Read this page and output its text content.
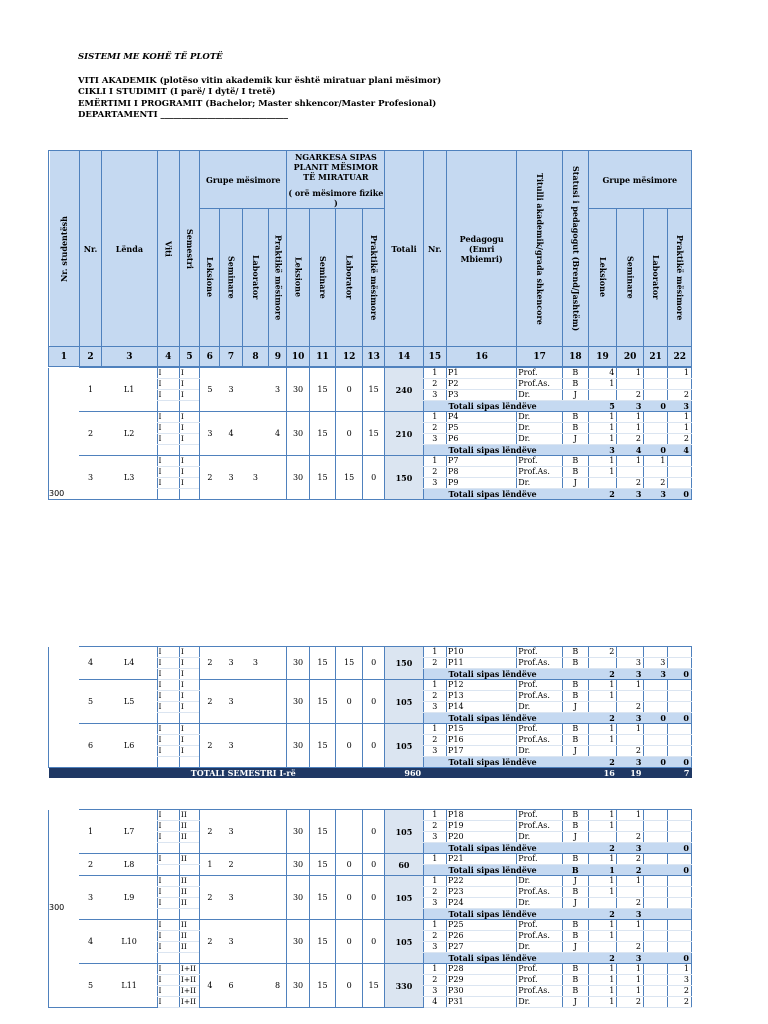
SISTEMI ME KOHË TË PLOTË
VITI AKADEMIK (plotëso vitin akademik kur është miratuar plani mësimor)
CIKLI I STUDIMIT (I parë/ I dytë/ I tretë)
EMËRTIMI I PROGRAMIT (Bachelor; Master shkencor/Master Profesional)
DEPARTAMENTI ______________________________
Nr. studentësh	Nr.	Lënda	Viti	Semestri	Grupe mësimore				NGARKESA SIPAS PLANIT MËSIMOR TË MIRATUAR
( orë mësimore fizike )				Totali	Nr.	Pedagogu (Emri Mbiemri)	Titulli akademik/grada shkencore	Statusi i pedagogut (Brend/Jashtëm)	Grupe mësimore			
					Leksione	Seminare	Laborator	Praktikë mësimore	Leksione	Seminare	Laborator	Praktikë mësimore						Leksione	Seminare	Laborator	Praktikë mësimore
1	2	3	4	5	6	7	8	9	10	11	12	13	14	15	16	17	18	19	20	21	22
300	1	L1	I	I	5	3		3	30	15	0	15	240	1	P1	Prof.	B	4	1		1
			I	I										2	P2	Prof.As.	B	1			
			I	I										3	P3	Dr.	J		2		2
															Totali sipas lëndëve			5	3	0	3
	2	L2	I	I	3	4		4	30	15	0	15	210	1	P4	Dr.	B	1	1		1
			I	I										2	P5	Dr.	B	1	1		1
			I	I										3	P6	Dr.	J	1	2		2
															Totali sipas lëndëve			3	4	0	4
	3	L3	I	I	2	3	3		30	15	15	0	150	1	P7	Prof.	B	1	1	1	
			I	I										2	P8	Prof.As.	B	1			
			I	I										3	P9	Dr.	J		2	2	
															Totali sipas lëndëve			2	3	3	0
	4	L4	I	I	2	3	3		30	15	15	0	150	1	P10	Prof.	B	2			
			I	I										2	P11	Prof.As.	B		3	3	
			I	I											Totali sipas lëndëve			2	3	3	0
	5	L5	I	I	2	3			30	15	0	0	105	1	P12	Prof.	B	1	1		
			I	I										2	P13	Prof.As.	B	1			
			I	I										3	P14	Dr.	J		2		
															Totali sipas lëndëve			2	3	0	0
	6	L6	I	I	2	3			30	15	0	0	105	1	P15	Prof.	B	1	1		
			I	I										2	P16	Prof.As.	B	1			
			I	I										3	P17	Dr.	J		2		
															Totali sipas lëndëve			2	3	0	0
		TOTALI SEMESTRI I-rë											960					16	19		7
300	1	L7	I	II	2	3			30	15		0	105	1	P18	Prof.	B	1	1		
			I	II										2	P19	Prof.As.	B	1			
			I	II										3	P20	Dr.	J		2		
															Totali sipas lëndëve			2	3		0
	2	L8	I	II	1	2			30	15	0	0	60	1	P21	Prof.	B	1	2		
															Totali sipas lëndëve		B	1	2		0
	3	L9	I	II	2	3			30	15	0	0	105	1	P22	Dr.	J	1	1		
			I	II										2	P23	Prof.As.	B	1			
			I	II										3	P24	Dr.	J		2		
															Totali sipas lëndëve			2	3		
	4	L10	I	II	2	3			30	15	0	0	105	1	P25	Prof.	B	1	1		
			I	II										2	P26	Prof.As.	B	1			
			I	II										3	P27	Dr.	J		2		
															Totali sipas lëndëve			2	3		0
	5	L11	I	I+II	4	6		8	30	15	0	15	330	1	P28	Prof.	B	1	1		1
			I	I+II										2	P29	Prof.	B	1	1		3
			I	I+II										3	P30	Prof.As.	B	1	1		2
			I	I+II										4	P31	Dr.	J	1	2		2
